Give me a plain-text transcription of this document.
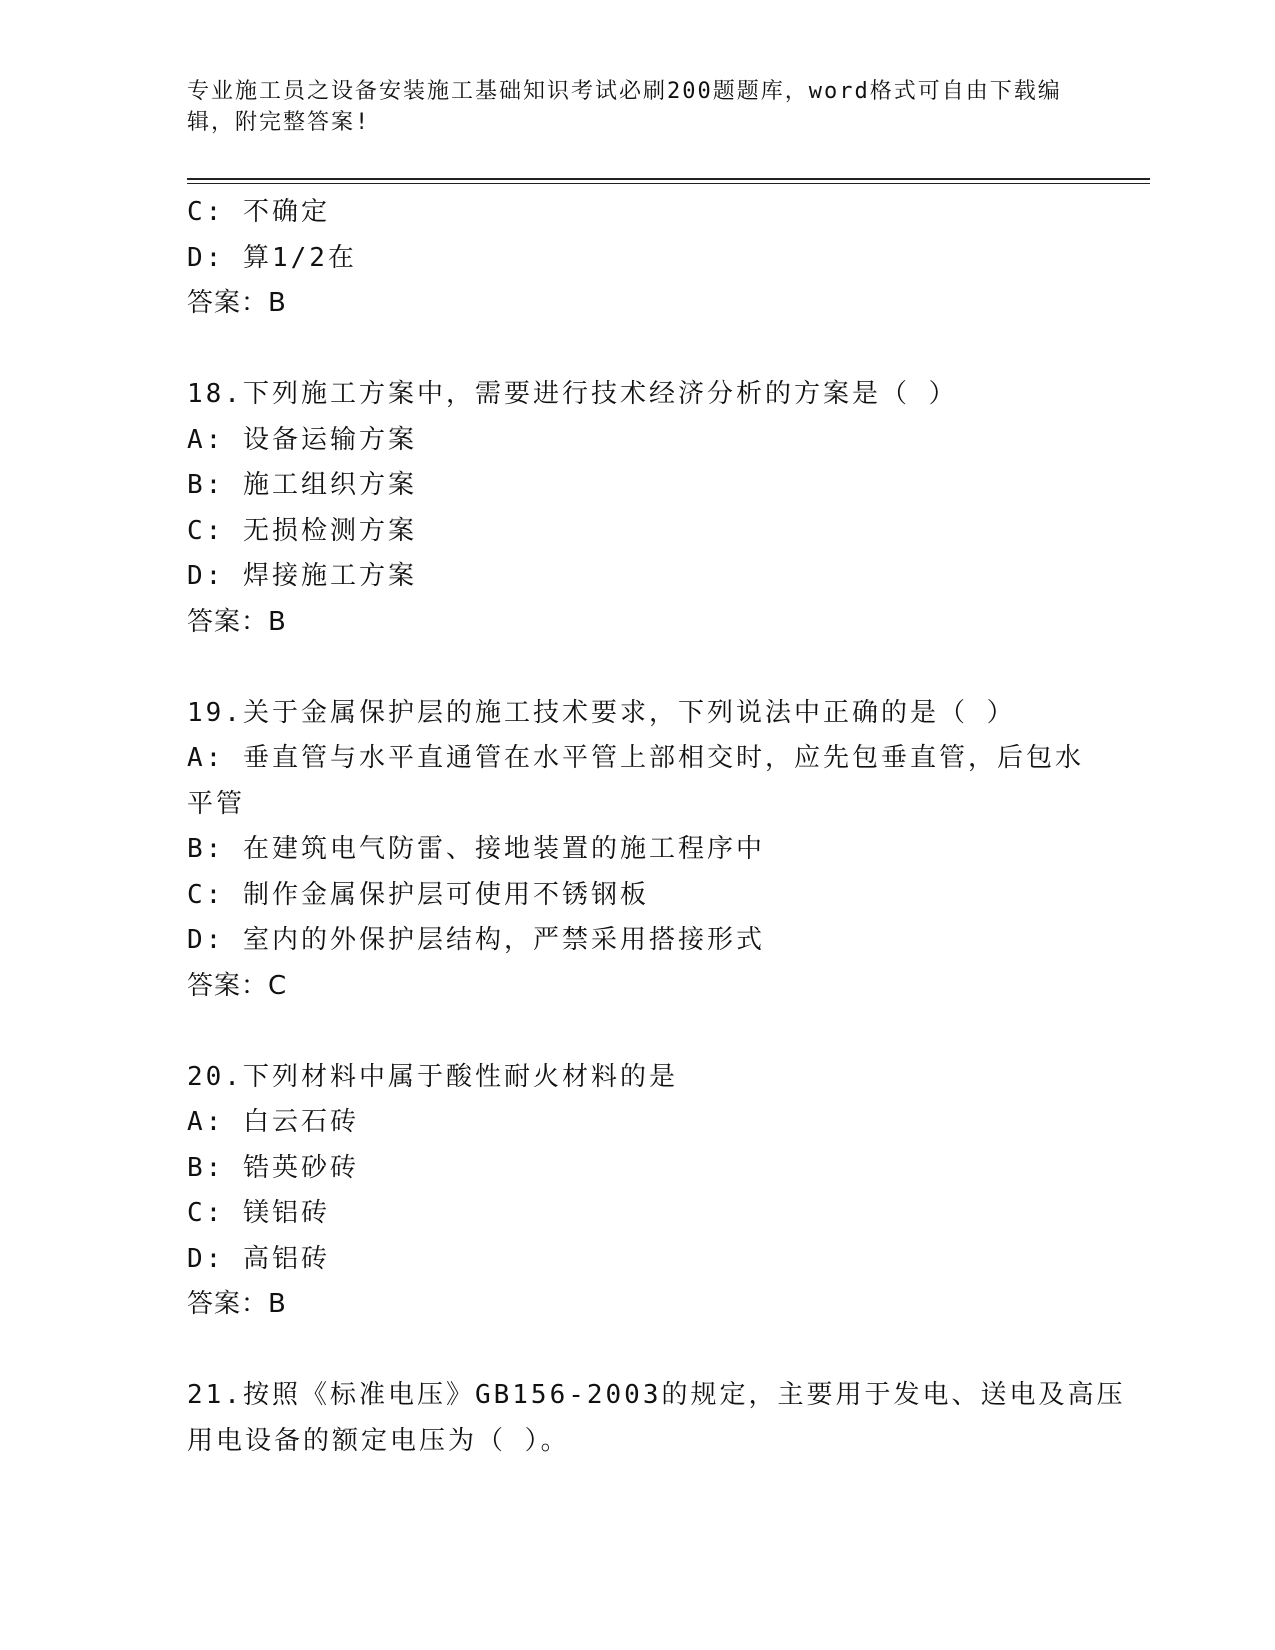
专业施工员之设备安装施工基础知识考试必刷200题题库，word格式可自由下载编辑，附完整答案!

C: 不确定

D: 算1/2在

答案：B

18.下列施工方案中，需要进行技术经济分析的方案是（ ）

A: 设备运输方案

B: 施工组织方案

C: 无损检测方案

D: 焊接施工方案

答案：B

19.关于金属保护层的施工技术要求，下列说法中正确的是（ ）

A: 垂直管与水平直通管在水平管上部相交时，应先包垂直管，后包水

平管

B: 在建筑电气防雷、接地装置的施工程序中

C: 制作金属保护层可使用不锈钢板

D: 室内的外保护层结构，严禁采用搭接形式

答案：C

20.下列材料中属于酸性耐火材料的是

A: 白云石砖

B: 锆英砂砖

C: 镁铝砖

D: 高铝砖

答案：B

21.按照《标准电压》GB156-2003的规定，主要用于发电、送电及高压

用电设备的额定电压为（ ）。
